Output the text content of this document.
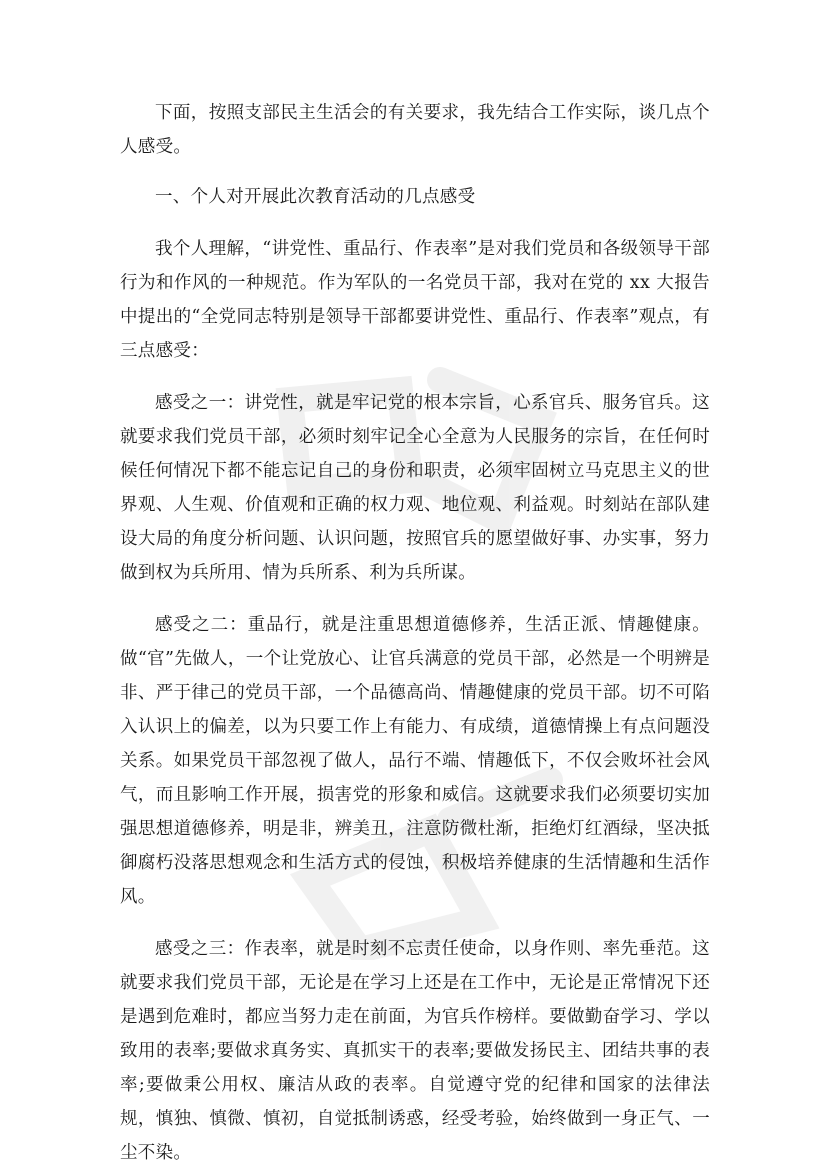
下面，按照支部民主生活会的有关要求，我先结合工作实际，谈几点个人感受。

一、个人对开展此次教育活动的几点感受

我个人理解，“讲党性、重品行、作表率”是对我们党员和各级领导干部行为和作风的一种规范。作为军队的一名党员干部，我对在党的 xx 大报告中提出的“全党同志特别是领导干部都要讲党性、重品行、作表率”观点，有三点感受：

感受之一：讲党性，就是牢记党的根本宗旨，心系官兵、服务官兵。这就要求我们党员干部，必须时刻牢记全心全意为人民服务的宗旨，在任何时候任何情况下都不能忘记自己的身份和职责，必须牢固树立马克思主义的世界观、人生观、价值观和正确的权力观、地位观、利益观。时刻站在部队建设大局的角度分析问题、认识问题，按照官兵的愿望做好事、办实事，努力做到权为兵所用、情为兵所系、利为兵所谋。

感受之二：重品行，就是注重思想道德修养，生活正派、情趣健康。做“官”先做人，一个让党放心、让官兵满意的党员干部，必然是一个明辨是非、严于律己的党员干部，一个品德高尚、情趣健康的党员干部。切不可陷入认识上的偏差，以为只要工作上有能力、有成绩，道德情操上有点问题没关系。如果党员干部忽视了做人，品行不端、情趣低下，不仅会败坏社会风气，而且影响工作开展，损害党的形象和威信。这就要求我们必须要切实加强思想道德修养，明是非，辨美丑，注意防微杜渐，拒绝灯红酒绿，坚决抵御腐朽没落思想观念和生活方式的侵蚀，积极培养健康的生活情趣和生活作风。

感受之三：作表率，就是时刻不忘责任使命，以身作则、率先垂范。这就要求我们党员干部，无论是在学习上还是在工作中，无论是正常情况下还是遇到危难时，都应当努力走在前面，为官兵作榜样。要做勤奋学习、学以致用的表率;要做求真务实、真抓实干的表率;要做发扬民主、团结共事的表率;要做秉公用权、廉洁从政的表率。自觉遵守党的纪律和国家的法律法规，慎独、慎微、慎初，自觉抵制诱惑，经受考验，始终做到一身正气、一尘不染。
